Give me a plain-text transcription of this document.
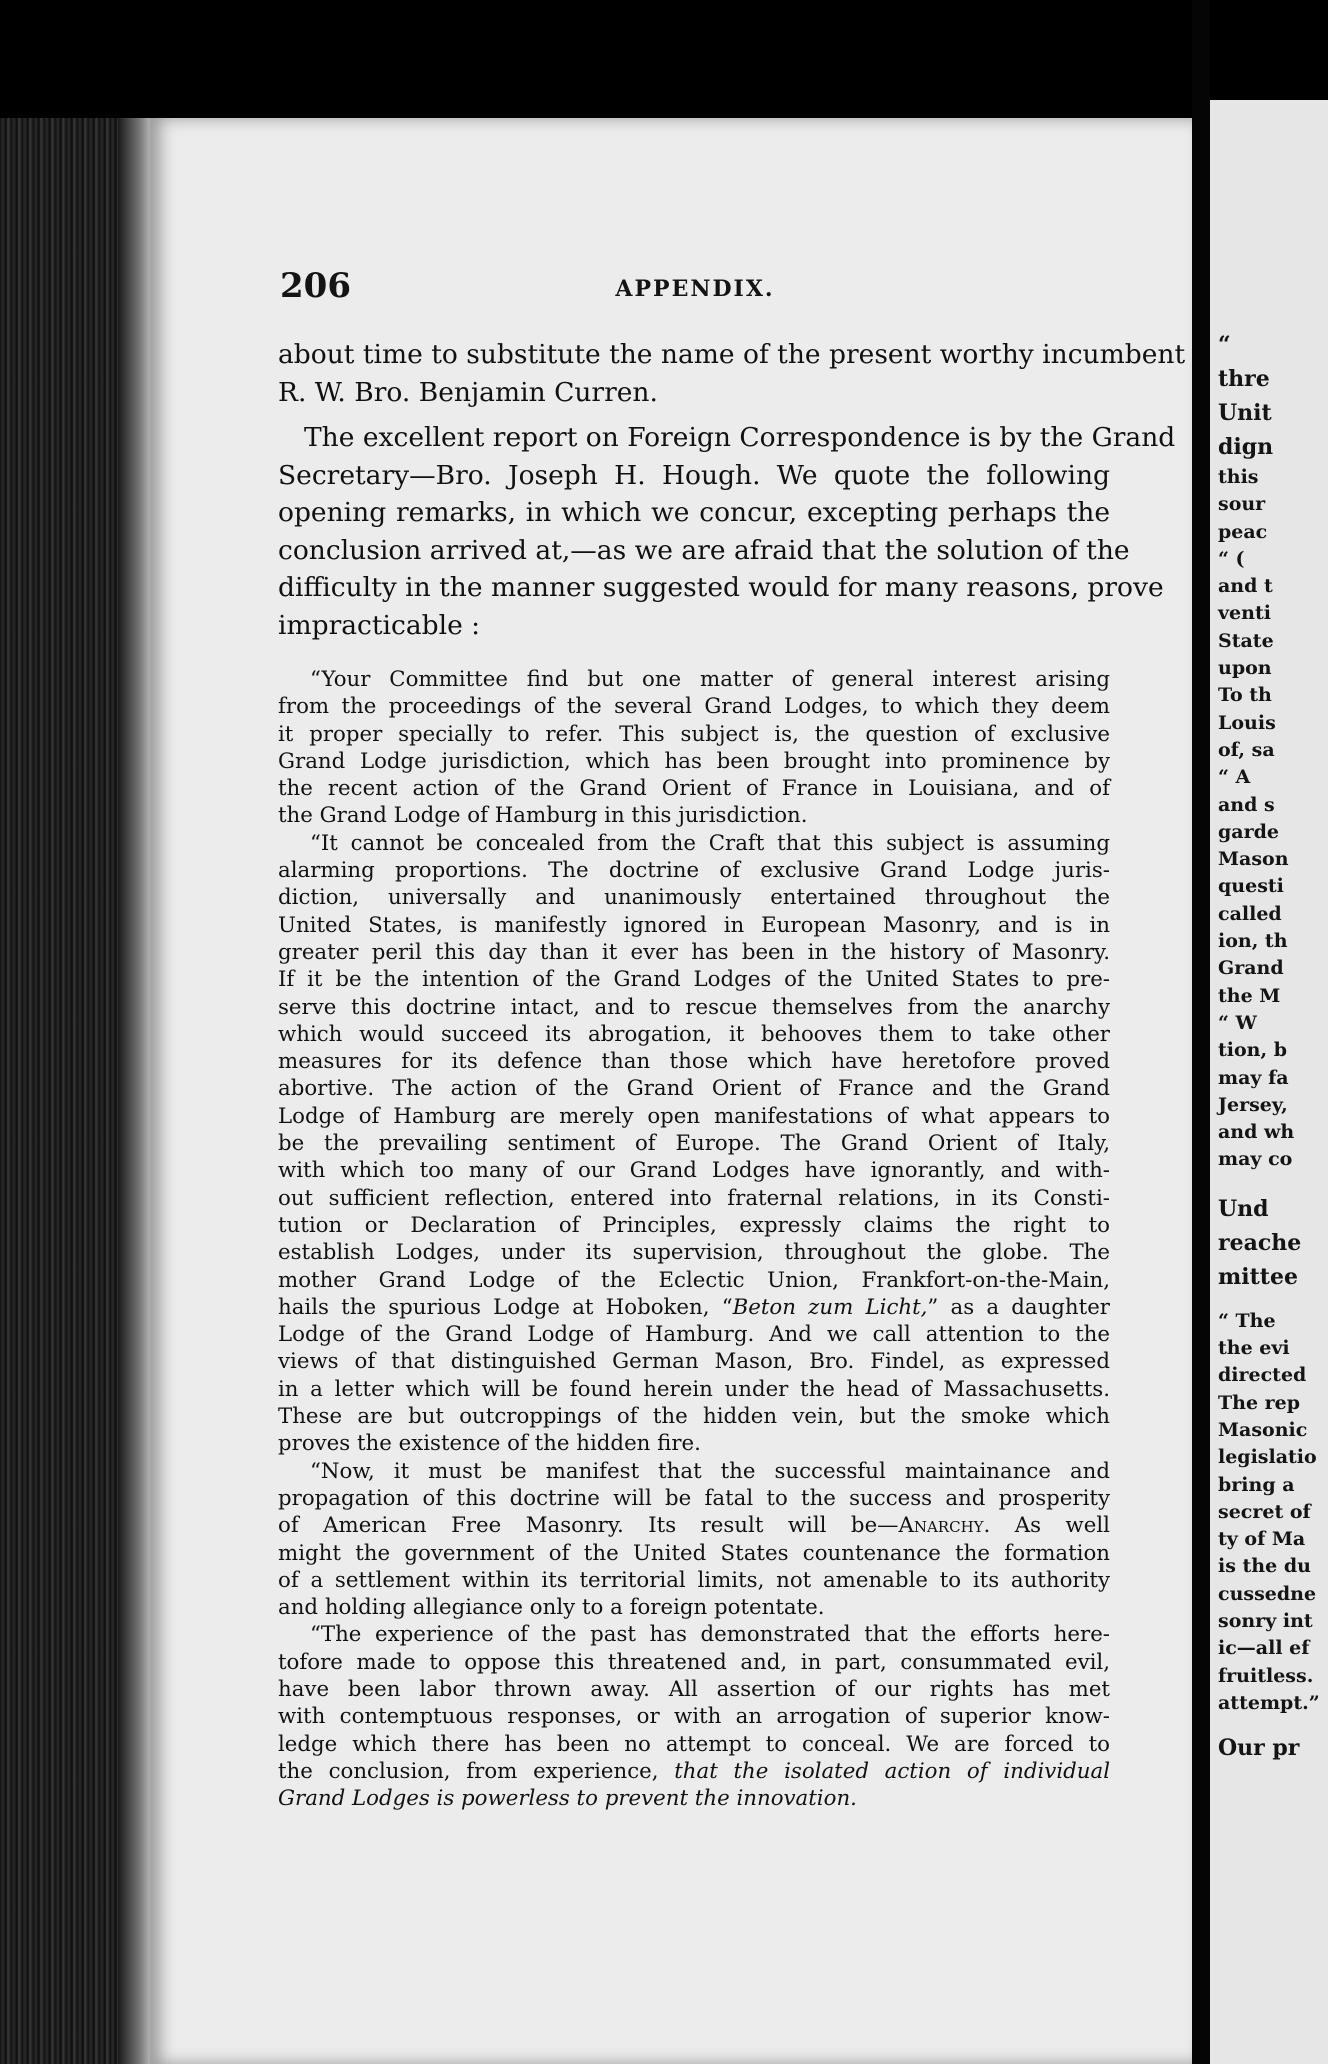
206	APPENDIX.
about time to substitute the name of the present worthy incumbent
R. W. Bro. Benjamin Curren.
The excellent report on Foreign Correspondence is by the Grand
Secretary—Bro. Joseph H. Hough. We quote the following
opening remarks, in which we concur, excepting perhaps the
conclusion arrived at,—as we are afraid that the solution of the
difficulty in the manner suggested would for many reasons, prove
impracticable :
“Your Committee find but one matter of general interest arising
from the proceedings of the several Grand Lodges, to which they deem
it proper specially to refer. This subject is, the question of exclusive
Grand Lodge jurisdiction, which has been brought into prominence by
the recent action of the Grand Orient of France in Louisiana, and of
the Grand Lodge of Hamburg in this jurisdiction.
“It cannot be concealed from the Craft that this subject is assuming
alarming proportions. The doctrine of exclusive Grand Lodge juris-
diction, universally and unanimously entertained throughout the
United States, is manifestly ignored in European Masonry, and is in
greater peril this day than it ever has been in the history of Masonry.
If it be the intention of the Grand Lodges of the United States to pre-
serve this doctrine intact, and to rescue themselves from the anarchy
which would succeed its abrogation, it behooves them to take other
measures for its defence than those which have heretofore proved
abortive. The action of the Grand Orient of France and the Grand
Lodge of Hamburg are merely open manifestations of what appears to
be the prevailing sentiment of Europe. The Grand Orient of Italy,
with which too many of our Grand Lodges have ignorantly, and with-
out sufficient reflection, entered into fraternal relations, in its Consti-
tution or Declaration of Principles, expressly claims the right to
establish Lodges, under its supervision, throughout the globe. The
mother Grand Lodge of the Eclectic Union, Frankfort-on-the-Main,
hails the spurious Lodge at Hoboken, “Beton zum Licht,” as a daughter
Lodge of the Grand Lodge of Hamburg. And we call attention to the
views of that distinguished German Mason, Bro. Findel, as expressed
in a letter which will be found herein under the head of Massachusetts.
These are but outcroppings of the hidden vein, but the smoke which
proves the existence of the hidden fire.
“Now, it must be manifest that the successful maintainance and
propagation of this doctrine will be fatal to the success and prosperity
of American Free Masonry. Its result will be—Anarchy. As well
might the government of the United States countenance the formation
of a settlement within its territorial limits, not amenable to its authority
and holding allegiance only to a foreign potentate.
“The experience of the past has demonstrated that the efforts here-
tofore made to oppose this threatened and, in part, consummated evil,
have been labor thrown away. All assertion of our rights has met
with contemptuous responses, or with an arrogation of superior know-
ledge which there has been no attempt to conceal. We are forced to
the conclusion, from experience, that the isolated action of individual
Grand Lodges is powerless to prevent the innovation.
“
thre
Unit
dign
this
sour
peac
“ (
and t
venti
State
upon
To th
Louis
of, sa
“ A
and s
garde
Mason
questi
called
ion, th
Grand
the M
“ W
tion, b
may fa
Jersey,
and wh
may co
Und
reache
mittee
“ The
the evi
directed
The rep
Masonic
legislatio
bring a
secret of
ty of Ma
is the du
cussedne
sonry int
ic—all ef
fruitless.
attempt.”
Our pr
